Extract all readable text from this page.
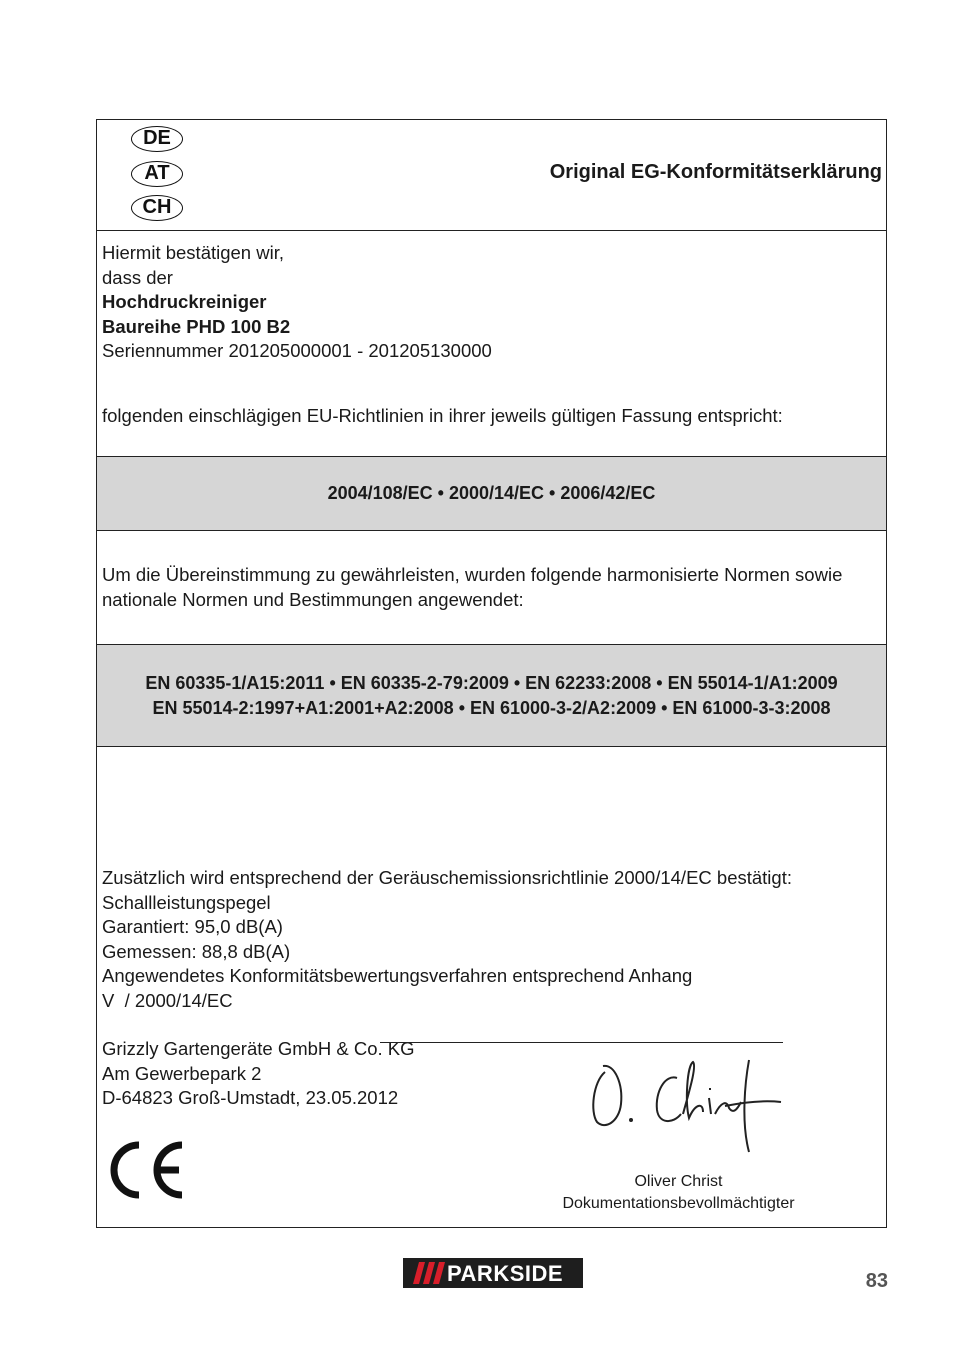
DE
AT
CH
Original EG-Konformitätserklärung
Hiermit bestätigen wir,
dass der
Hochdruckreiniger
Baureihe PHD 100 B2
Seriennummer 201205000001 - 201205130000
folgenden einschlägigen EU-Richtlinien in ihrer jeweils gültigen Fassung entspricht:
2004/108/EC • 2000/14/EC • 2006/42/EC
Um die Übereinstimmung zu gewährleisten, wurden folgende harmonisierte Normen sowie
nationale Normen und Bestimmungen angewendet:
EN 60335-1/A15:2011 • EN 60335-2-79:2009 • EN 62233:2008 • EN 55014-1/A1:2009
EN 55014-2:1997+A1:2001+A2:2008 • EN 61000-3-2/A2:2009 • EN 61000-3-3:2008
Zusätzlich wird entsprechend der Geräuschemissionsrichtlinie 2000/14/EC bestätigt:
Schallleistungspegel
Garantiert: 95,0 dB(A)
Gemessen: 88,8 dB(A)
Angewendetes Konformitätsbewertungsverfahren entsprechend Anhang
V  / 2000/14/EC
Grizzly Gartengeräte GmbH & Co. KG
Am Gewerbepark 2
D-64823 Groß-Umstadt, 23.05.2012
Oliver Christ
Dokumentationsbevollmächtigter
PARKSIDE	83
